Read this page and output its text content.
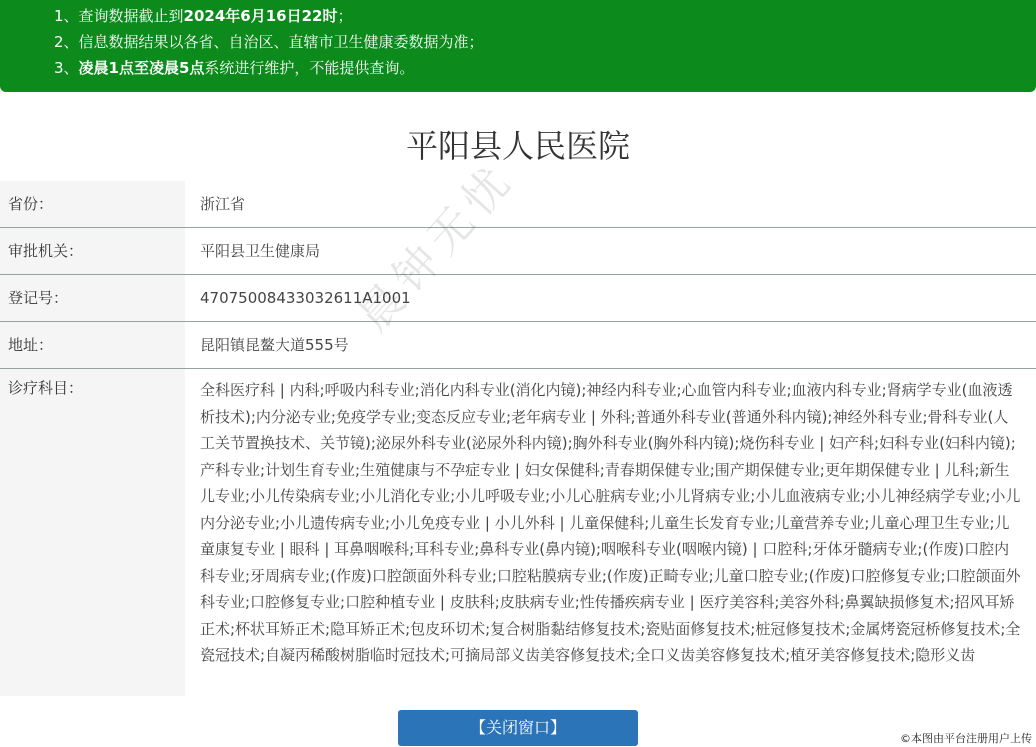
1、查询数据截止到2024年6月16日22时；
2、信息数据结果以各省、自治区、直辖市卫生健康委数据为准；
3、凌晨1点至凌晨5点系统进行维护，不能提供查询。
平阳县人民医院
省份：	浙江省
审批机关：	平阳县卫生健康局
登记号：	47075008433032611A1001
地址：	昆阳镇昆鳌大道555号
诊疗科目：	全科医疗科 | 内科;呼吸内科专业;消化内科专业(消化内镜);神经内科专业;心血管内科专业;血液内科专业;肾病学专业(血液透析技术);内分泌专业;免疫学专业;变态反应专业;老年病专业 | 外科;普通外科专业(普通外科内镜);神经外科专业;骨科专业(人工关节置换技术、关节镜);泌尿外科专业(泌尿外科内镜);胸外科专业(胸外科内镜);烧伤科专业 | 妇产科;妇科专业(妇科内镜);产科专业;计划生育专业;生殖健康与不孕症专业 | 妇女保健科;青春期保健专业;围产期保健专业;更年期保健专业 | 儿科;新生儿专业;小儿传染病专业;小儿消化专业;小儿呼吸专业;小儿心脏病专业;小儿肾病专业;小儿血液病专业;小儿神经病学专业;小儿内分泌专业;小儿遗传病专业;小儿免疫专业 | 小儿外科 | 儿童保健科;儿童生长发育专业;儿童营养专业;儿童心理卫生专业;儿童康复专业 | 眼科 | 耳鼻咽喉科;耳科专业;鼻科专业(鼻内镜);咽喉科专业(咽喉内镜) | 口腔科;牙体牙髓病专业;(作废)口腔内科专业;牙周病专业;(作废)口腔颌面外科专业;口腔粘膜病专业;(作废)正畸专业;儿童口腔专业;(作废)口腔修复专业;口腔颌面外科专业;口腔修复专业;口腔种植专业 | 皮肤科;皮肤病专业;性传播疾病专业 | 医疗美容科;美容外科;鼻翼缺损修复术;招风耳矫正术;杯状耳矫正术;隐耳矫正术;包皮环切术;复合树脂黏结修复技术;瓷贴面修复技术;桩冠修复技术;金属烤瓷冠桥修复技术;全瓷冠技术;自凝丙稀酸树脂临时冠技术;可摘局部义齿美容修复技术;全口义齿美容修复技术;植牙美容修复技术;隐形义齿
晨钟无忧
【关闭窗口】
©本图由平台注册用户上传
